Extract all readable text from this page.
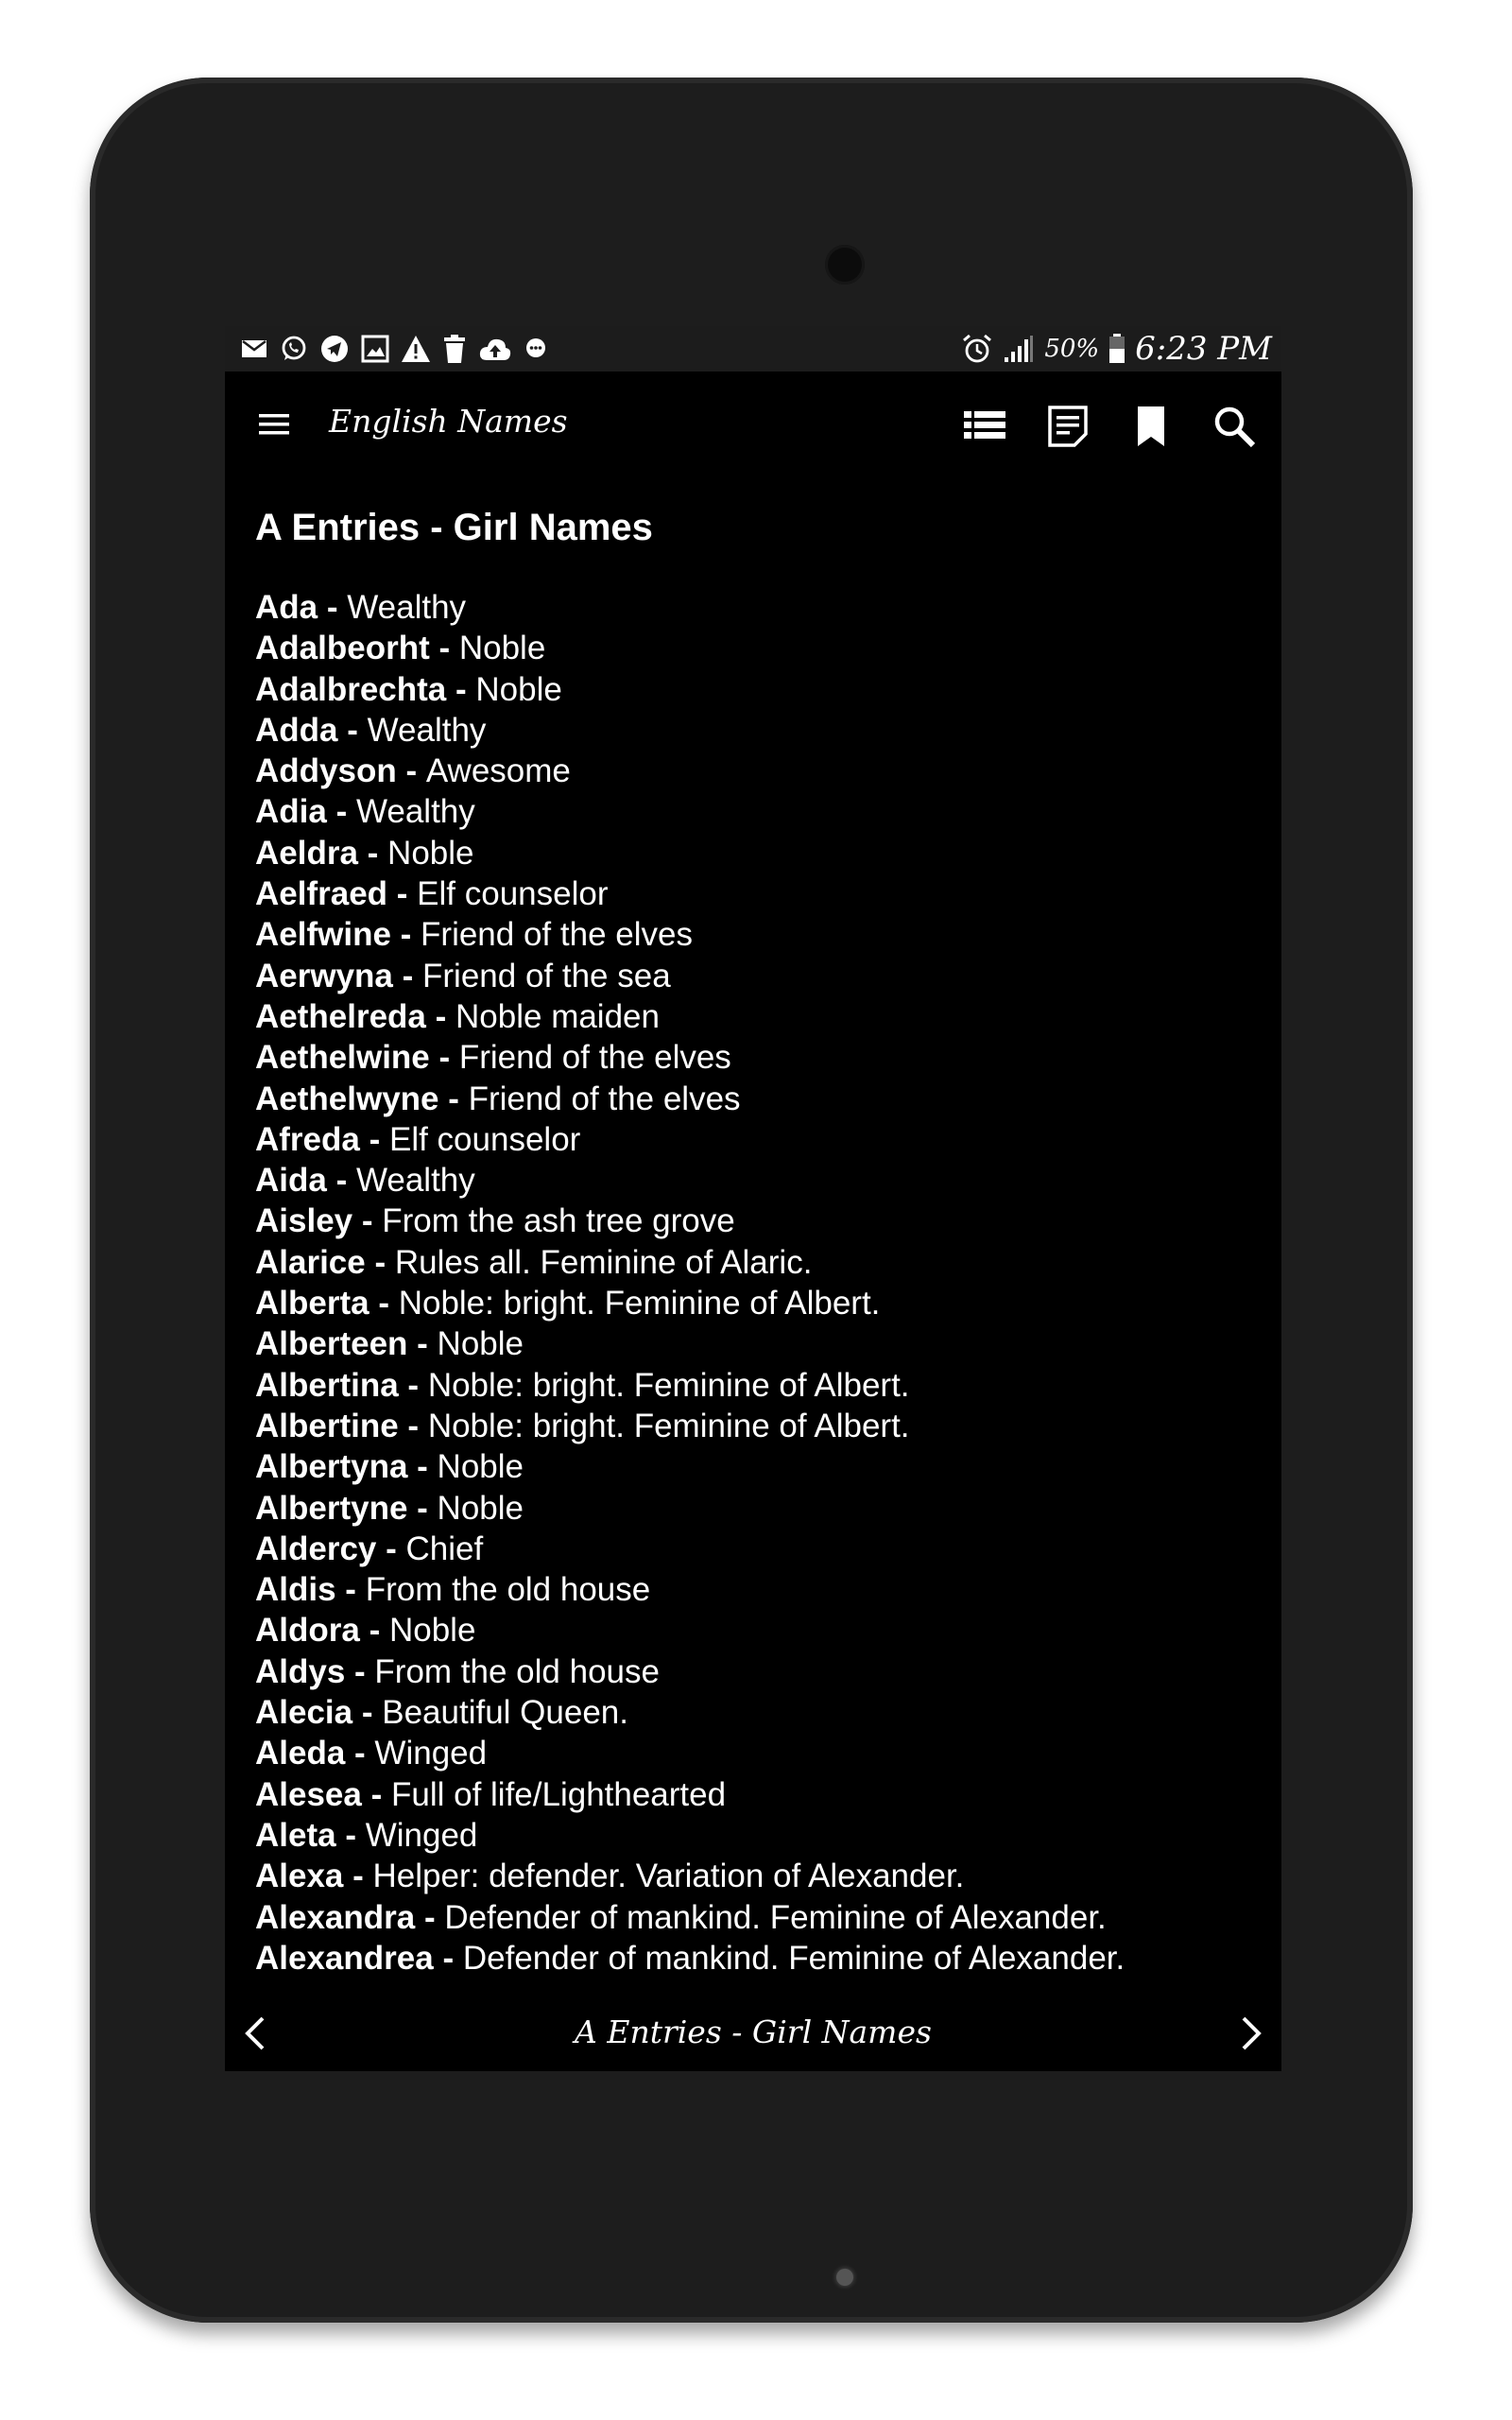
50% 6:23 PM
English Names
A Entries - Girl Names
Ada - Wealthy
Adalbeorht - Noble
Adalbrechta - Noble
Adda - Wealthy
Addyson - Awesome
Adia - Wealthy
Aeldra - Noble
Aelfraed - Elf counselor
Aelfwine - Friend of the elves
Aerwyna - Friend of the sea
Aethelreda - Noble maiden
Aethelwine - Friend of the elves
Aethelwyne - Friend of the elves
Afreda - Elf counselor
Aida - Wealthy
Aisley - From the ash tree grove
Alarice - Rules all. Feminine of Alaric.
Alberta - Noble: bright. Feminine of Albert.
Alberteen - Noble
Albertina - Noble: bright. Feminine of Albert.
Albertine - Noble: bright. Feminine of Albert.
Albertyna - Noble
Albertyne - Noble
Aldercy - Chief
Aldis - From the old house
Aldora - Noble
Aldys - From the old house
Alecia - Beautiful Queen.
Aleda - Winged
Alesea - Full of life/Lighthearted
Aleta - Winged
Alexa - Helper: defender. Variation of Alexander.
Alexandra - Defender of mankind. Feminine of Alexander.
Alexandrea - Defender of mankind. Feminine of Alexander.
A Entries - Girl Names
